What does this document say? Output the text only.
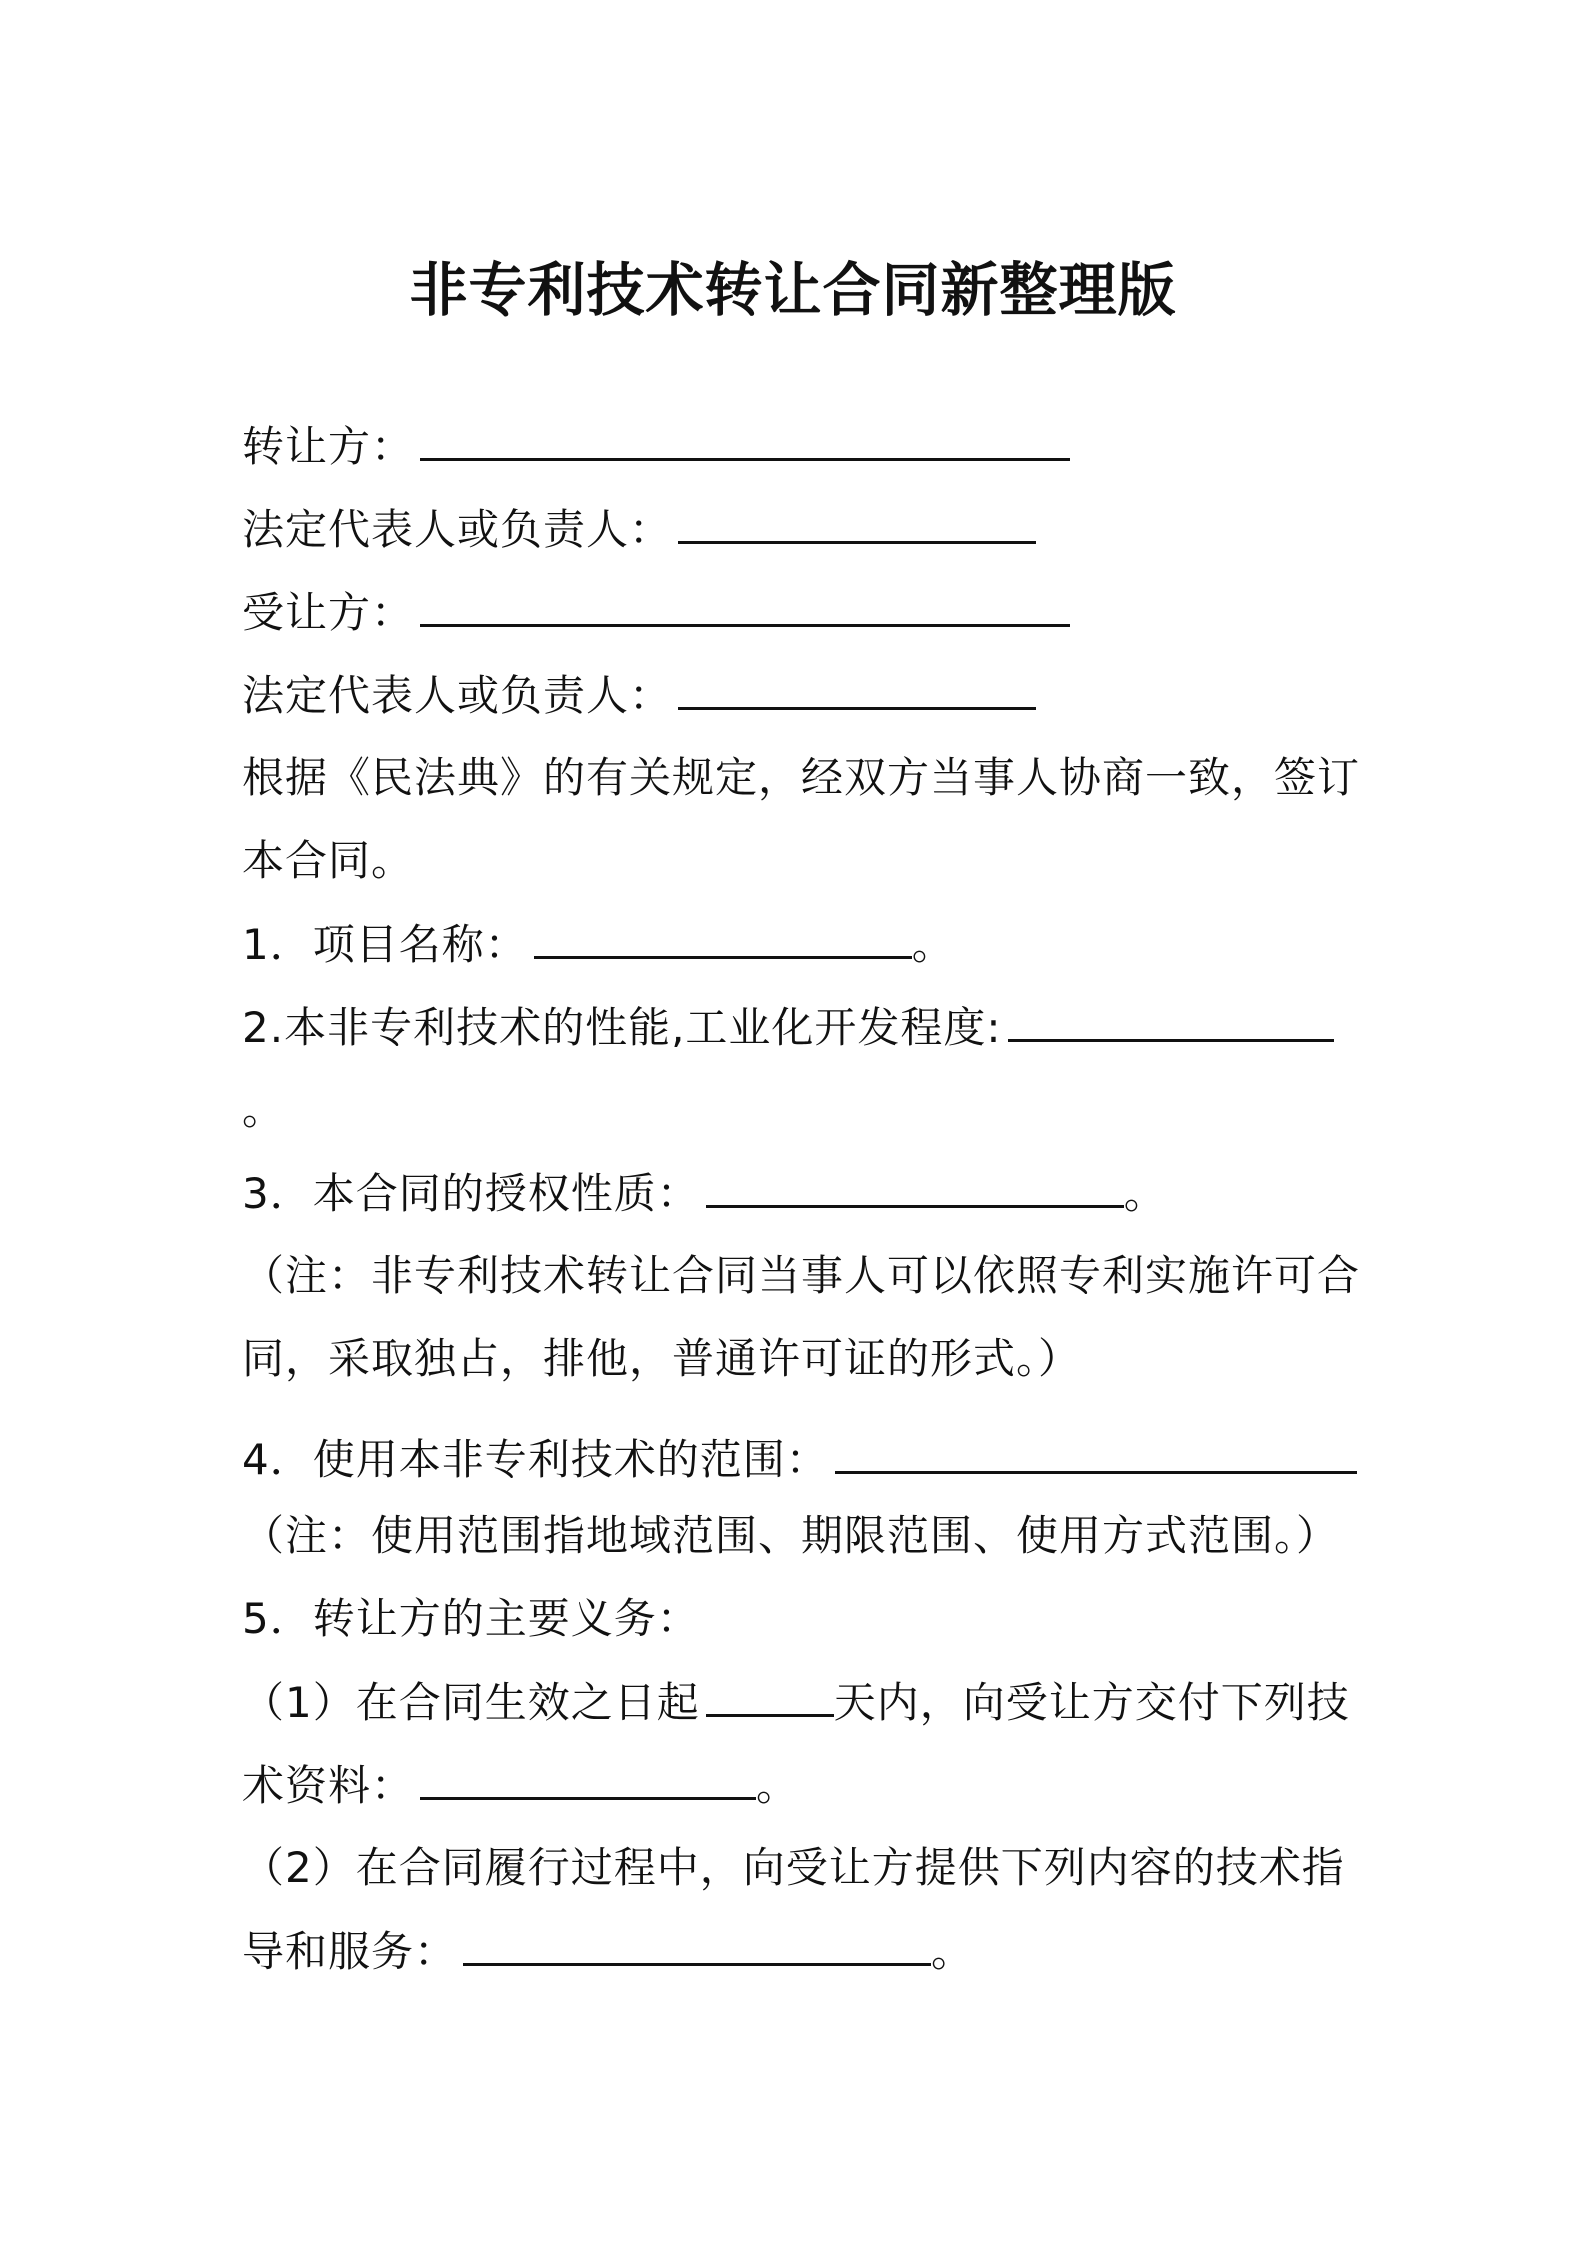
非专利技术转让合同新整理版
转让方：
法定代表人或负责人：
受让方：
法定代表人或负责人：
根据《民法典》的有关规定，经双方当事人协商一致，签订
本合同。
1．项目名称：	。
2.本非专利技术的性能,工业化开发程度:
。
3．本合同的授权性质：	。
（注：非专利技术转让合同当事人可以依照专利实施许可合
同，采取独占，排他，普通许可证的形式。）
4．使用本非专利技术的范围：
（注：使用范围指地域范围、期限范围、使用方式范围。）
5．转让方的主要义务：
（1）在合同生效之日起	天内，向受让方交付下列技
术资料：	。
（2）在合同履行过程中，向受让方提供下列内容的技术指
导和服务：	。
